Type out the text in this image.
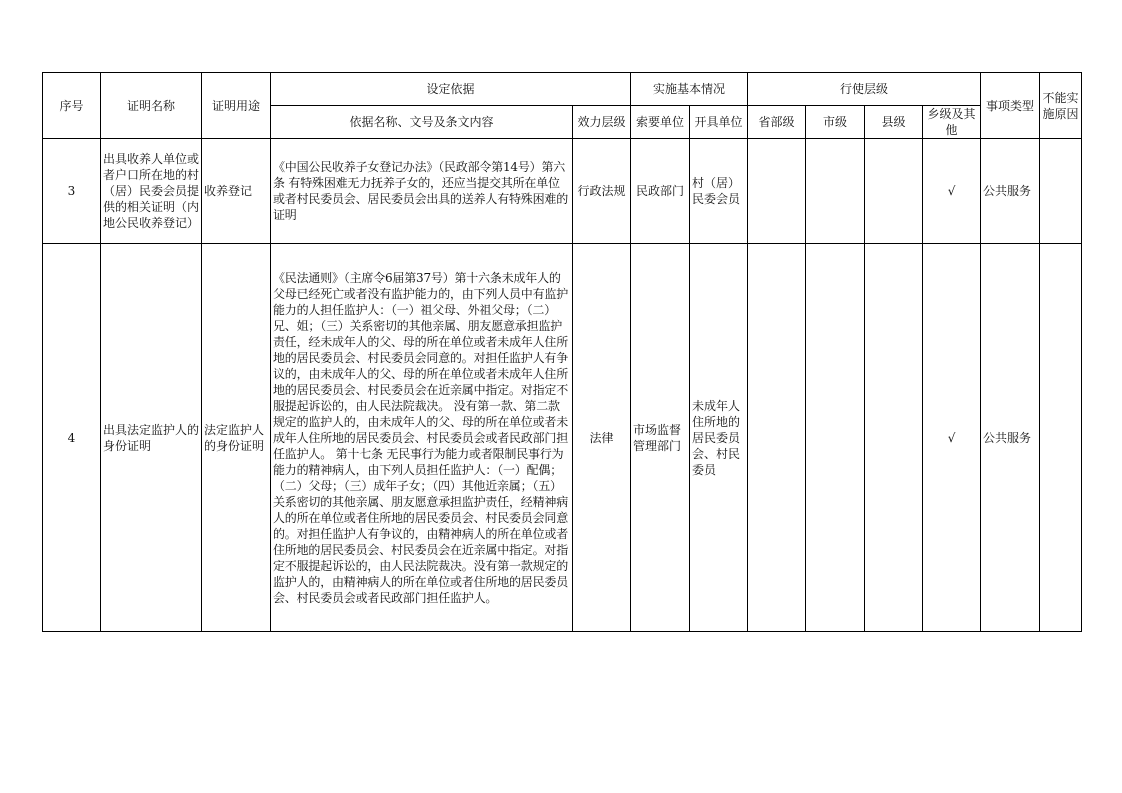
序号	证明名称	证明用途	设定依据		实施基本情况		行使层级				事项类型	不能实施原因
			依据名称、文号及条文内容	效力层级	索要单位	开具单位	省部级	市级	县级	乡级及其他		
3	出具收养人单位或者户口所在地的村（居）民委会员提供的相关证明（内地公民收养登记）	收养登记	《中国公民收养子女登记办法》（民政部令第14号）第六条 有特殊困难无力抚养子女的，还应当提交其所在单位或者村民委员会、居民委员会出具的送养人有特殊困难的证明	行政法规	民政部门	村（居）民委会员				√	公共服务	
4	出具法定监护人的身份证明	法定监护人的身份证明	《民法通则》（主席令6届第37号）第十六条未成年人的父母已经死亡或者没有监护能力的，由下列人员中有监护能力的人担任监护人：（一）祖父母、外祖父母；（二）兄、姐；（三）关系密切的其他亲属、朋友愿意承担监护责任，经未成年人的父、母的所在单位或者未成年人住所地的居民委员会、村民委员会同意的。对担任监护人有争议的，由未成年人的父、母的所在单位或者未成年人住所地的居民委员会、村民委员会在近亲属中指定。对指定不服提起诉讼的，由人民法院裁决。 没有第一款、第二款规定的监护人的，由未成年人的父、母的所在单位或者未成年人住所地的居民委员会、村民委员会或者民政部门担任监护人。 第十七条 无民事行为能力或者限制民事行为能力的精神病人，由下列人员担任监护人：（一）配偶；（二）父母；（三）成年子女；（四）其他近亲属；（五）关系密切的其他亲属、朋友愿意承担监护责任，经精神病人的所在单位或者住所地的居民委员会、村民委员会同意的。对担任监护人有争议的，由精神病人的所在单位或者住所地的居民委员会、村民委员会在近亲属中指定。对指定不服提起诉讼的，由人民法院裁决。没有第一款规定的监护人的，由精神病人的所在单位或者住所地的居民委员会、村民委员会或者民政部门担任监护人。	法律	市场监督管理部门	未成年人住所地的居民委员会、村民委员				√	公共服务	
